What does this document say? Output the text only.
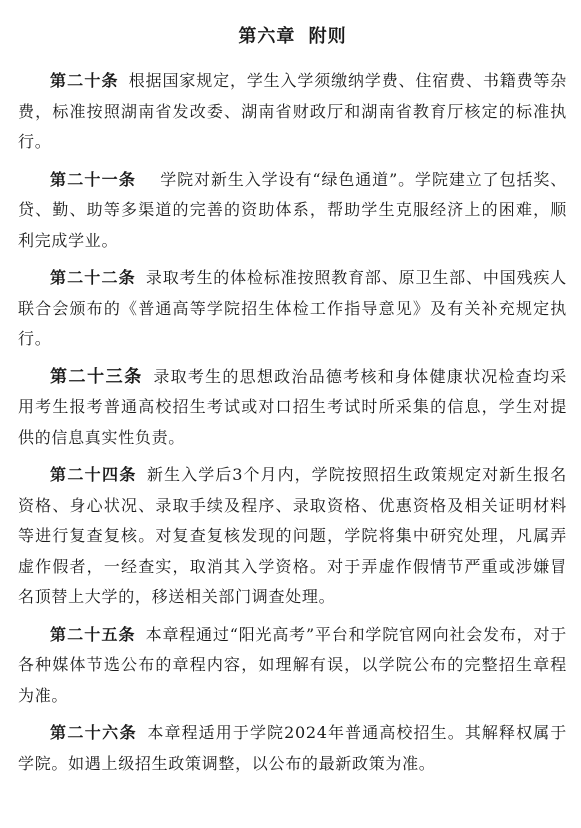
第六章 附则

第二十条 根据国家规定，学生入学须缴纳学费、住宿费、书籍费等杂费，标准按照湖南省发改委、湖南省财政厅和湖南省教育厅核定的标准执行。

第二十一条 学院对新生入学设有“绿色通道”。学院建立了包括奖、贷、勤、助等多渠道的完善的资助体系，帮助学生克服经济上的困难，顺利完成学业。

第二十二条 录取考生的体检标准按照教育部、原卫生部、中国残疾人联合会颁布的《普通高等学院招生体检工作指导意见》及有关补充规定执行。

第二十三条 录取考生的思想政治品德考核和身体健康状况检查均采用考生报考普通高校招生考试或对口招生考试时所采集的信息，学生对提供的信息真实性负责。

第二十四条 新生入学后3个月内，学院按照招生政策规定对新生报名资格、身心状况、录取手续及程序、录取资格、优惠资格及相关证明材料等进行复查复核。对复查复核发现的问题，学院将集中研究处理，凡属弄虚作假者，一经查实，取消其入学资格。对于弄虚作假情节严重或涉嫌冒名顶替上大学的，移送相关部门调查处理。

第二十五条 本章程通过“阳光高考”平台和学院官网向社会发布，对于各种媒体节选公布的章程内容，如理解有误，以学院公布的完整招生章程为准。

第二十六条 本章程适用于学院2024年普通高校招生。其解释权属于学院。如遇上级招生政策调整，以公布的最新政策为准。
